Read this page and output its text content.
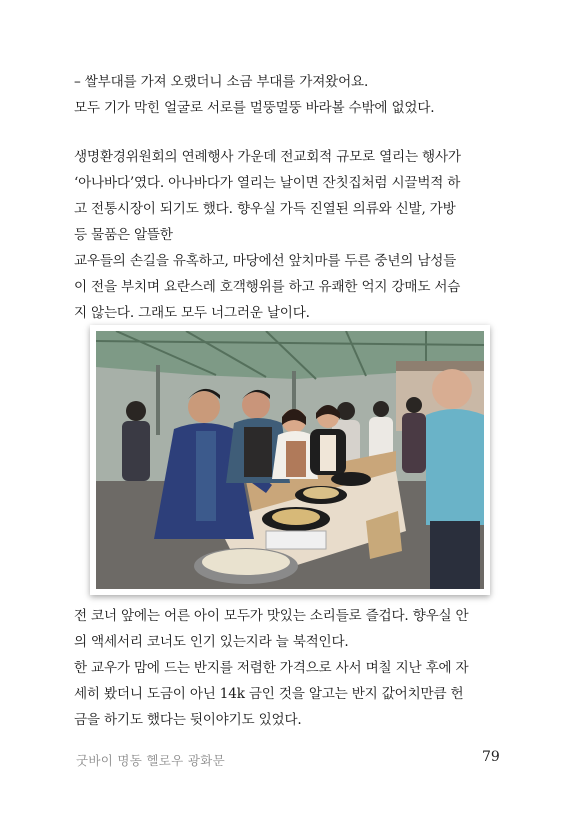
– 쌀부대를 가져 오랬더니 소금 부대를 가져왔어요.

모두 기가 막힌 얼굴로 서로를 멀뚱멀뚱 바라볼 수밖에 없었다.

생명환경위원회의 연례행사 가운데 전교회적 규모로 열리는 행사가

‘아나바다’였다. 아나바다가 열리는 날이면 잔칫집처럼 시끌벅적 하

고 전통시장이 되기도 했다. 향우실 가득 진열된 의류와 신발, 가방

등 물품은 알뜰한

교우들의 손길을 유혹하고, 마당에선 앞치마를 두른 중년의 남성들

이 전을 부치며 요란스레 호객행위를 하고 유쾌한 억지 강매도 서슴

지 않는다. 그래도 모두 너그러운 날이다.

전 코너 앞에는 어른 아이 모두가 맛있는 소리들로 즐겁다. 향우실 안

의 액세서리 코너도 인기 있는지라 늘 북적인다.

한 교우가 맘에 드는 반지를 저렴한 가격으로 사서 며칠 지난 후에 자

세히 봤더니 도금이 아닌 14k 금인 것을 알고는 반지 값어치만큼 헌

금을 하기도 했다는 뒷이야기도 있었다.

굿바이 명동 헬로우 광화문	79
